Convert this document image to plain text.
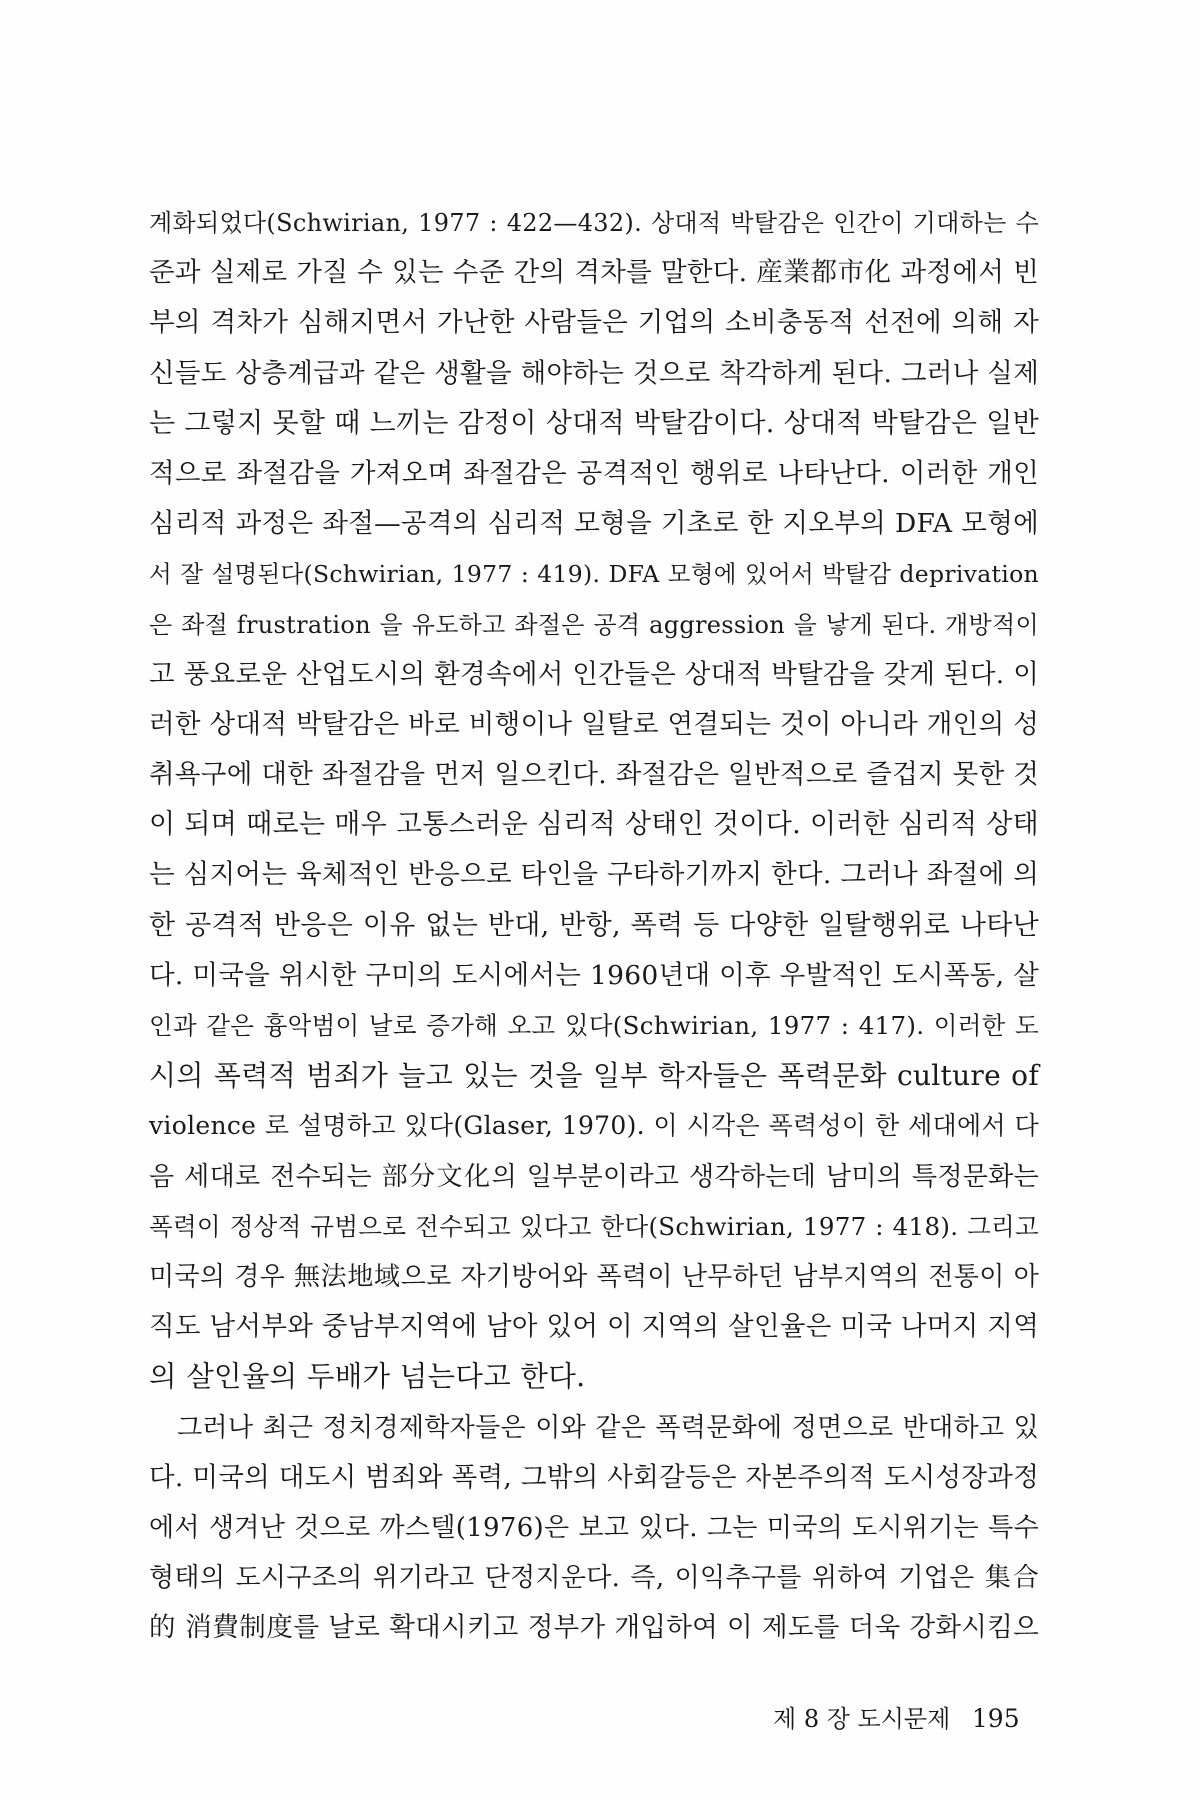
계화되었다(Schwirian, 1977 : 422—432). 상대적 박탈감은 인간이 기대하는 수
준과 실제로 가질 수 있는 수준 간의 격차를 말한다. 産業都市化 과정에서 빈
부의 격차가 심해지면서 가난한 사람들은 기업의 소비충동적 선전에 의해 자
신들도 상층계급과 같은 생활을 해야하는 것으로 착각하게 된다. 그러나 실제
는 그렇지 못할 때 느끼는 감정이 상대적 박탈감이다. 상대적 박탈감은 일반
적으로 좌절감을 가져오며 좌절감은 공격적인 행위로 나타난다. 이러한 개인
심리적 과정은 좌절—공격의 심리적 모형을 기초로 한 지오부의 DFA 모형에
서 잘 설명된다(Schwirian, 1977 : 419). DFA 모형에 있어서 박탈감 deprivation
은 좌절 frustration 을 유도하고 좌절은 공격 aggression 을 낳게 된다. 개방적이
고 풍요로운 산업도시의 환경속에서 인간들은 상대적 박탈감을 갖게 된다. 이
러한 상대적 박탈감은 바로 비행이나 일탈로 연결되는 것이 아니라 개인의 성
취욕구에 대한 좌절감을 먼저 일으킨다. 좌절감은 일반적으로 즐겁지 못한 것
이 되며 때로는 매우 고통스러운 심리적 상태인 것이다. 이러한 심리적 상태
는 심지어는 육체적인 반응으로 타인을 구타하기까지 한다. 그러나 좌절에 의
한 공격적 반응은 이유 없는 반대, 반항, 폭력 등 다양한 일탈행위로 나타난
다. 미국을 위시한 구미의 도시에서는 1960년대 이후 우발적인 도시폭동, 살
인과 같은 흉악범이 날로 증가해 오고 있다(Schwirian, 1977 : 417). 이러한 도
시의 폭력적 범죄가 늘고 있는 것을 일부 학자들은 폭력문화 culture of
violence 로 설명하고 있다(Glaser, 1970). 이 시각은 폭력성이 한 세대에서 다
음 세대로 전수되는 部分文化의 일부분이라고 생각하는데 남미의 특정문화는
폭력이 정상적 규범으로 전수되고 있다고 한다(Schwirian, 1977 : 418). 그리고
미국의 경우 無法地域으로 자기방어와 폭력이 난무하던 남부지역의 전통이 아
직도 남서부와 중남부지역에 남아 있어 이 지역의 살인율은 미국 나머지 지역
의 살인율의 두배가 넘는다고 한다.
그러나 최근 정치경제학자들은 이와 같은 폭력문화에 정면으로 반대하고 있
다. 미국의 대도시 범죄와 폭력, 그밖의 사회갈등은 자본주의적 도시성장과정
에서 생겨난 것으로 까스텔(1976)은 보고 있다. 그는 미국의 도시위기는 특수
형태의 도시구조의 위기라고 단정지운다. 즉, 이익추구를 위하여 기업은 集合
的 消費制度를 날로 확대시키고 정부가 개입하여 이 제도를 더욱 강화시킴으
제 8 장 도시문제 195
